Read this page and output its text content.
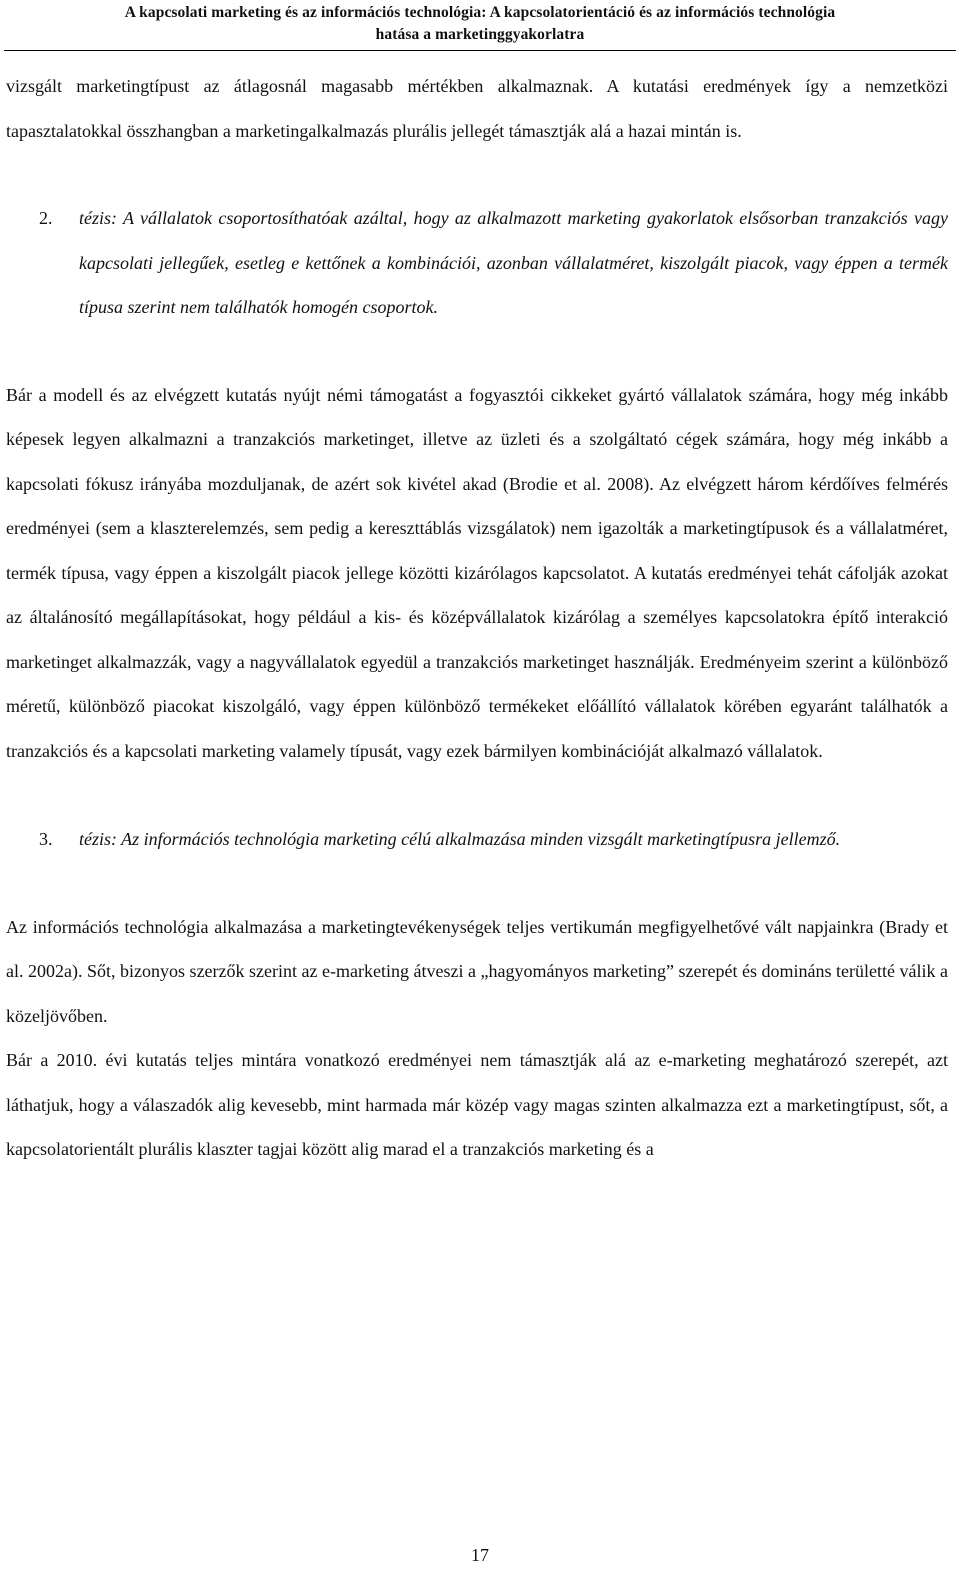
A kapcsolati marketing és az információs technológia: A kapcsolatorientáció és az információs technológia
hatása a marketinggyakorlatra

vizsgált marketingtípust az átlagosnál magasabb mértékben alkalmaznak. A kutatási eredmények így a nemzetközi tapasztalatokkal összhangban a marketingalkalmazás plurális jellegét támasztják alá a hazai mintán is.

2. tézis: A vállalatok csoportosíthatóak azáltal, hogy az alkalmazott marketing gyakorlatok elsősorban tranzakciós vagy kapcsolati jellegűek, esetleg e kettőnek a kombinációi, azonban vállalatméret, kiszolgált piacok, vagy éppen a termék típusa szerint nem találhatók homogén csoportok.

Bár a modell és az elvégzett kutatás nyújt némi támogatást a fogyasztói cikkeket gyártó vállalatok számára, hogy még inkább képesek legyen alkalmazni a tranzakciós marketinget, illetve az üzleti és a szolgáltató cégek számára, hogy még inkább a kapcsolati fókusz irányába mozduljanak, de azért sok kivétel akad (Brodie et al. 2008). Az elvégzett három kérdőíves felmérés eredményei (sem a klaszterelemzés, sem pedig a kereszttáblás vizsgálatok) nem igazolták a marketingtípusok és a vállalatméret, termék típusa, vagy éppen a kiszolgált piacok jellege közötti kizárólagos kapcsolatot. A kutatás eredményei tehát cáfolják azokat az általánosító megállapításokat, hogy például a kis- és középvállalatok kizárólag a személyes kapcsolatokra építő interakció marketinget alkalmazzák, vagy a nagyvállalatok egyedül a tranzakciós marketinget használják. Eredményeim szerint a különböző méretű, különböző piacokat kiszolgáló, vagy éppen különböző termékeket előállító vállalatok körében egyaránt találhatók a tranzakciós és a kapcsolati marketing valamely típusát, vagy ezek bármilyen kombinációját alkalmazó vállalatok.

3. tézis: Az információs technológia marketing célú alkalmazása minden vizsgált marketingtípusra jellemző.

Az információs technológia alkalmazása a marketingtevékenységek teljes vertikumán megfigyelhetővé vált napjainkra (Brady et al. 2002a). Sőt, bizonyos szerzők szerint az e-marketing átveszi a „hagyományos marketing” szerepét és domináns területté válik a közeljövőben.

Bár a 2010. évi kutatás teljes mintára vonatkozó eredményei nem támasztják alá az e-marketing meghatározó szerepét, azt láthatjuk, hogy a válaszadók alig kevesebb, mint harmada már közép vagy magas szinten alkalmazza ezt a marketingtípust, sőt, a kapcsolatorientált plurális klaszter tagjai között alig marad el a tranzakciós marketing és a

17
